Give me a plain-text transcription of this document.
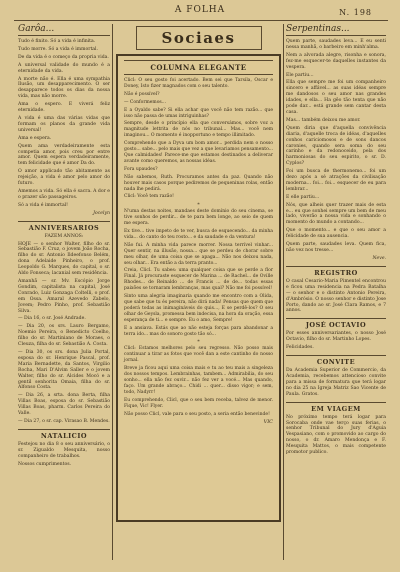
A FOLHA	N. 198
Garôa...

Tudo é finito. Só a vida é infinita.

Tudo morre. Só a vida é immortal.

De da vida é o começo da propria vida.

A universal validade do mundo é a eternidade da vida.

A morte não é. Ella é uma sympathia Ilusão, um desapparecimento. O ser desapparece todos os dias da nossa vida, mas não morre.

Ama o espero. E viverá feliz eternidade.

A vida é uma das várias vidas que formam os planos da grande vida universal!

Ama e espera.

Quem ama verdadeiramente esta competia amor, pois creu por entre amor. Quem espera verdadeiramente, tem felicidade que é amor Da do.

O amor applicado tão abitamente as rejeição, a vida é amor pelo amor do futuro.

Amemos a vida. Só ella é sacra. A dor e o prazer são passageiros.

Só a vida é immortal!

Jocelyn
ANNIVERSARIOS
FAZEM ANNOS:

HOJE — o senhor Walter, filho do sr. Sebastião F. Cruz, o jovem João Rocha, filho do sr. Antonio Ildeefonso Belém, dona Adelaide Pinheiro, o prof. Leopoldo G. Marques, do capital, o sr. Aldo Fonseca; lacanial sem residência.

Amanhã — sr. Mv. Escópio Jorge Gondim, capitalista na capital, José Conrado, Luiz Gonzaga Coltelli, o prof. em Ossa. Amaral Azevedo Zabelo, Jovem; Pedro Pinho, prof. Sebastião Silva.

— Dia 16, o sr. José Andrade.

— Dia 20, os srs. Lauro Bergamo, Noemio Pereira, o Benedicto Coelho, filho do sr. Martiniano de Moraes, o Cleuza, filha do sr. Sebastião A. Costa.

— Dia 30, os srs. dona Julia Portal, esposa do sr. Henrique Pascal, prof. Maria Bernadette, da Santos, Virgilio Rocha, Mari D'Alvim Saller e o jovem Walter, filho do sr. Alcides Mocó e a gentil senhorita Omaia, filha do sr. Alfonso Costa.

— Dia 26, a srta. dona Berta, filha Villas Boas, esposa do sr. Sebastião Villas Boas, pharm. Carlos Pereira do Valle.

— Dia 27, o sr. cap. Virasao B. Mendes.

NATALICIO

Festejou no dia 8 o seu anniversário, o sr. Zigualdo Mesquita, nosso companheiro de trabalhos.

Nossos cumprimentos.

Sociaes
COLUMNA ELEGANTE

Clicl: O seu gosto foi acertado. Bem sei que Tarsila, Oscar e Doney, Isto fizer magnados com o seu talento.

Não é possível?

— Conformemos...

E a Oyaldo sabe? Si ella achar que você não tem razão... que isso não passa de umas intriguinhas?

Sempre, desde o princípio ella que conversámos, sobre voz a magnitude lettrita de nós no tribunal... Mas... você nem imaginou... O momento é inopportuno e tempo illimitado.

Comprehendo que a Dyva um bom amor... perdida nem o nosso gosto... sabe... pelo mais que vez a que levariamos pensamento... Que calmidades! Parece-me que estamos destinados a deliverar avante como queremos, as nossas idéas.

Fora upaudes?

Não sabemos, Ruth. Procuramos antes da paz. Quando não houver mais casos porque pediremos de pequeninas rolas, então nada lhe pedirá.

Clicl: Você tem razão!

*

N'uma destas noites, mandaes deste domínio do seu cinema, se tive sonhos de perdir... de te para bem longe, ao seio de quem me espera.

Ex tive... tive impeto de te ver, busca de esquecendo... da minha vida... do canto do teu rosto... e da saudade e da ventura!

Não fui. A minha vida parece morrer. Nossa terrível vinhar... Quer sentir, na illusão, nossa... que se perdeu de chorar sobre meu olhar, de uma coisa que se apaga... Não nos deixou nada, seu olhar... Era então a da terra pranto...

Creia, Clicl. Tu sabes: uma qualquer coisa que se perde a flor Final. Já procuraste esquecer de Marina ... de Rachel... de Oville Rhodes... de Reinaldo ... de Francis ... de de... todas essas paixões se tornaram lembranças, mas qual? Não me foi possível!

Sinto uma alegria imaginaria quando me encontro com a Olida, que sabe que tu és pereira, não dirá nada! Pensas que quem que poderá todas as inimagináveis do quis..., E se perdê-los? O seu olhar de Geysla, promessa bem indecisa, na hora da oração, essa esperança de ti... e sempre. Eu o amo, Sempre!

E a ansiava. Estás que ao não esteja forças para abandonar a terra ido... mas do sonoro gosto tão só...

*

Clicl: Estamos melhores pelo seu regresso. Não posso mais continuar a tirar as fotos que você dan a este cantinho do nosso jornal.

Breve ja ficou aqui uma coisa mais e tu ao teu mais a singeleza dos nossos tempos. Lembrainhas, tambem... Admirabilia, do seu sonho... ella não fez ouvir... não fez ver a vocé... Mas quando, faço. Um grande abraço... Chidi ... quer... disso vigor; e sem, todo, Nadyrr!

Eu comprehendo, Clicl, que o seu bem receba, talvez de menor. Fique, Vic! Flyer.

Não posso Clicl, vale para o seu posto, a seria então benevinde!

VIC
Serpentinas...

Quem parte, saudades leva... E eu senti nessa manhã, o barbeiro em minh'alma.

Nem a alvorada alegre, risonha e sonora, fez-me esquecer-te daquelles instantes da vespera.

Ele partiu...

Ella que sempre me foi um companheiro sincero e affável... as suas idéas sempre me dandosos o seu amor nas grandes idades, e ella... Ha gêo tão tenta que não pode dar... está grande sem cantar desta casa.

Mas... também deixou me amor.

Quem diria que d'aquella convivência diaria, d'aquelle troca de idéas, d'aquelles conhos cariciomosos e de sons dancos caronies, quando sera soma do seu carinho e da redonoceido, pela dos harmoniosas do seu espirito, o sr. D. Cyplos?

Foi um busca de thermonemo... foi um dezo após a sé atrações da civilisação moderna... foi... foi... esquecer de eu para lembrar...

E elle partiu...

Nós, que alheis quer trazer mais de esta e... eu que sonhei sempre um bem de meu lado, viverão a nossa vida e sonhando o momento do mundo a contando...

Que o momento... e que o seu amor a felicidade de sua ausencia.

Quem parte, saudades leva. Quem fica, não vez nos tresse...

Neve.
REGISTRO

O casal Cesario-Maria Pimentel encontrou e ficou uma residencia na Pedra Batalha — o senhor e o distinto Antonio Pereira, d'Ambrósio. O nosso senhor e distinto Jose Porto, dando ao sr. José Clara Ramos, e 7 annos.

JOSÉ OCTAVIO

Por esses anniversariantes, o nosso José Octavio, filho do sr. Martinho Lopes.

Felicidades.

CONVITE

Da Academia Superior de Commercio, da Academia, recebemos attencioso convite para a missa de formatura que terá logar no dia 25 na Igreja Matriz Sao Vicente de Paula. Gratos.

EM VIAGEM

No próximo tempo terá logar para Sorocaba onde vae terço suas ferias, o senhor Tribunal do Jury d'Aguia Vespasiano, com o promovido ao cargo do nosso, o dr. Amaro Mendonça e F. Mesquita Mattos, o mais competente promotor publico.
